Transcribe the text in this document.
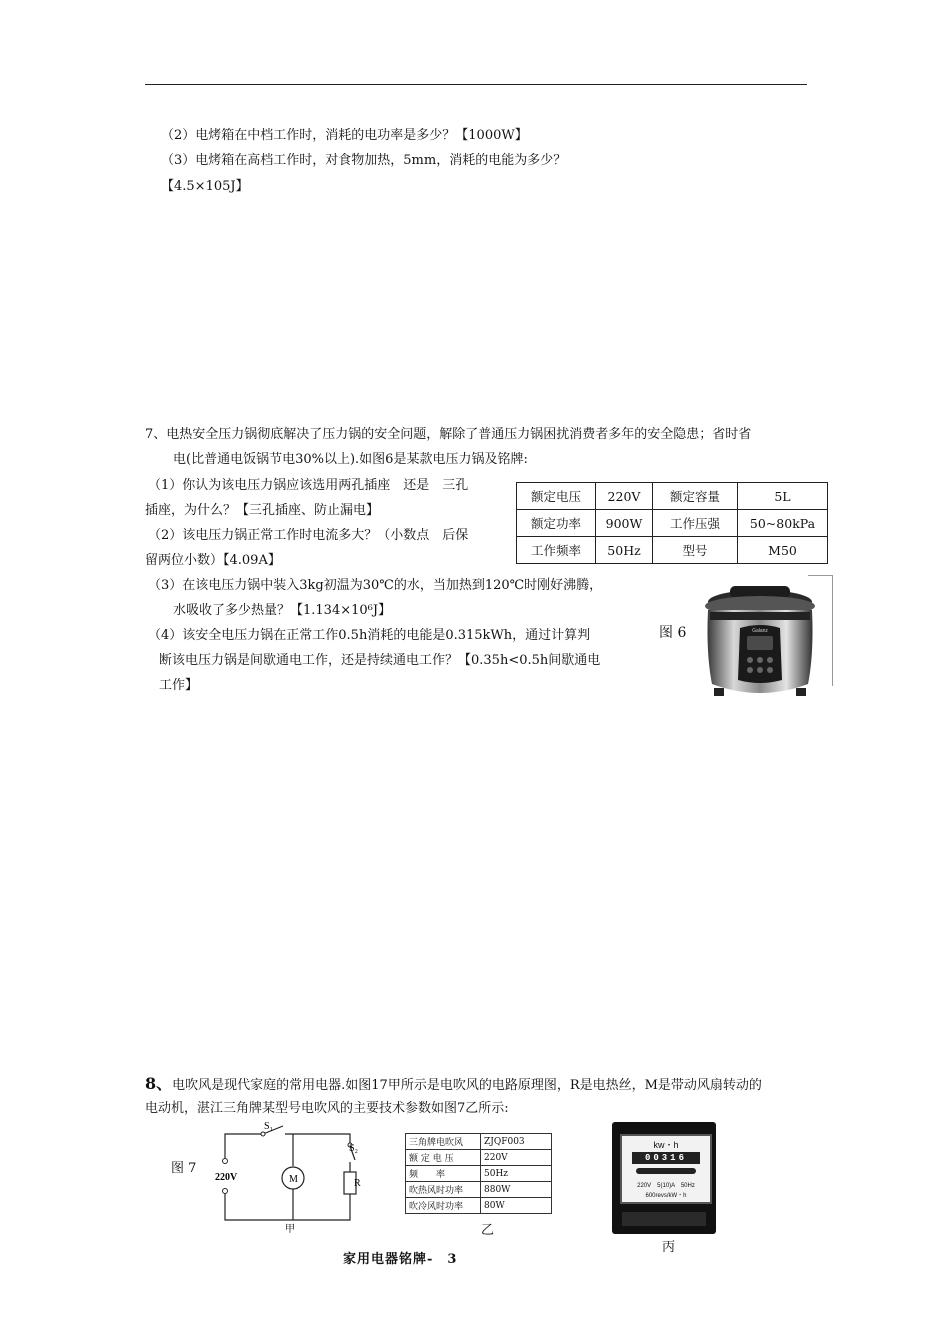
（2）电烤箱在中档工作时，消耗的电功率是多少？【1000W】
（3）电烤箱在高档工作时，对食物加热，5mm，消耗的电能为多少？
【4.5×105J】
7、电热安全压力锅彻底解决了压力锅的安全问题，解除了普通压力锅困扰消费者多年的安全隐患；省时省
电(比普通电饭锅节电30%以上).如图6是某款电压力锅及铭牌:
（1）你认为该电压力锅应该选用两孔插座　还是　三孔
插座，为什么？【三孔插座、防止漏电】
（2）该电压力锅正常工作时电流多大？（小数点　后保
留两位小数）【4.09A】
（3）在该电压力锅中装入3kg初温为30℃的水，当加热到120℃时刚好沸腾，
水吸收了多少热量？【1.134×10⁶J】
（4）该安全电压力锅在正常工作0.5h消耗的电能是0.315kWh，通过计算判
断该电压力锅是间歇通电工作，还是持续通电工作？【0.35h<0.5h间歇通电
工作】
额定电压	220V	额定容量	5L
额定功率	900W	工作压强	50~80kPa
工作频率	50Hz	型号	M50
图 6	Galanz
8、电吹风是现代家庭的常用电器.如图17甲所示是电吹风的电路原理图，R是电热丝，M是带动风扇转动的
电动机，湛江三角牌某型号电吹风的主要技术参数如图7乙所示:
图 7
S₁
S₂
220V	M	R
甲
三角牌电吹风	ZJQF003
额 定 电 压	220V
频　　率	50Hz
吹热风时功率	880W
吹冷风时功率	80W
乙
kw・h
00316
220V　5(10)A　50Hz
600revs/kW・h
丙
家用电器铭牌-　3
